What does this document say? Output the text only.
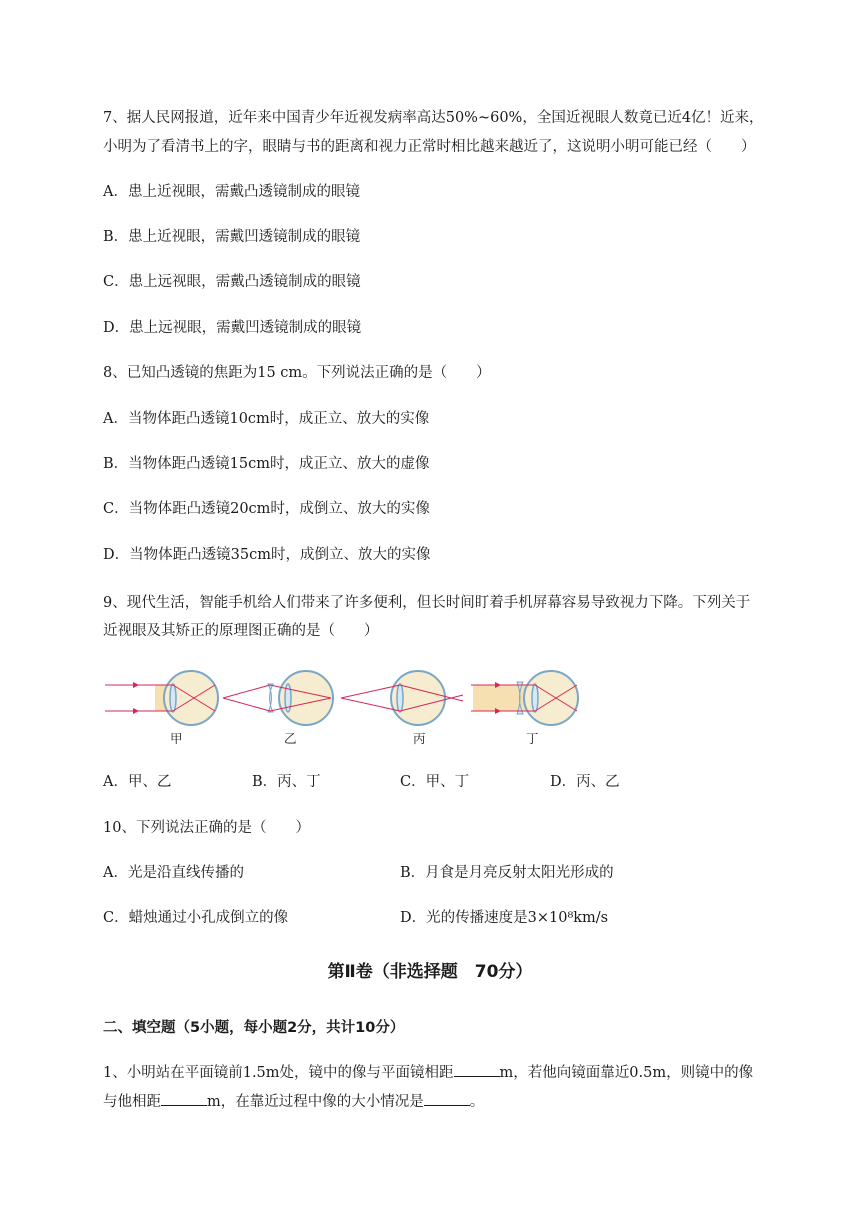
7、据人民网报道，近年来中国青少年近视发病率高达50%~60%，全国近视眼人数竟已近4亿！近来，
小明为了看清书上的字，眼睛与书的距离和视力正常时相比越来越近了，这说明小明可能已经（　　）
A．患上近视眼，需戴凸透镜制成的眼镜
B．患上近视眼，需戴凹透镜制成的眼镜
C．患上远视眼，需戴凸透镜制成的眼镜
D．患上远视眼，需戴凹透镜制成的眼镜
8、已知凸透镜的焦距为15 cm。下列说法正确的是（　　）
A．当物体距凸透镜10cm时，成正立、放大的实像
B．当物体距凸透镜15cm时，成正立、放大的虚像
C．当物体距凸透镜20cm时，成倒立、放大的实像
D．当物体距凸透镜35cm时，成倒立、放大的实像
9、现代生活，智能手机给人们带来了许多便利，但长时间盯着手机屏幕容易导致视力下降。下列关于
近视眼及其矫正的原理图正确的是（　　）
甲	乙	丙	丁
A．甲、乙	B．丙、丁	C．甲、丁	D．丙、乙
10、下列说法正确的是（　　）
A．光是沿直线传播的	B．月食是月亮反射太阳光形成的
C．蜡烛通过小孔成倒立的像	D．光的传播速度是3×10⁸km/s
第Ⅱ卷（非选择题　70分）
二、填空题（5小题，每小题2分，共计10分）
1、小明站在平面镜前1.5m处，镜中的像与平面镜相距	m，若他向镜面靠近0.5m，则镜中的像
与他相距	m，在靠近过程中像的大小情况是	。
